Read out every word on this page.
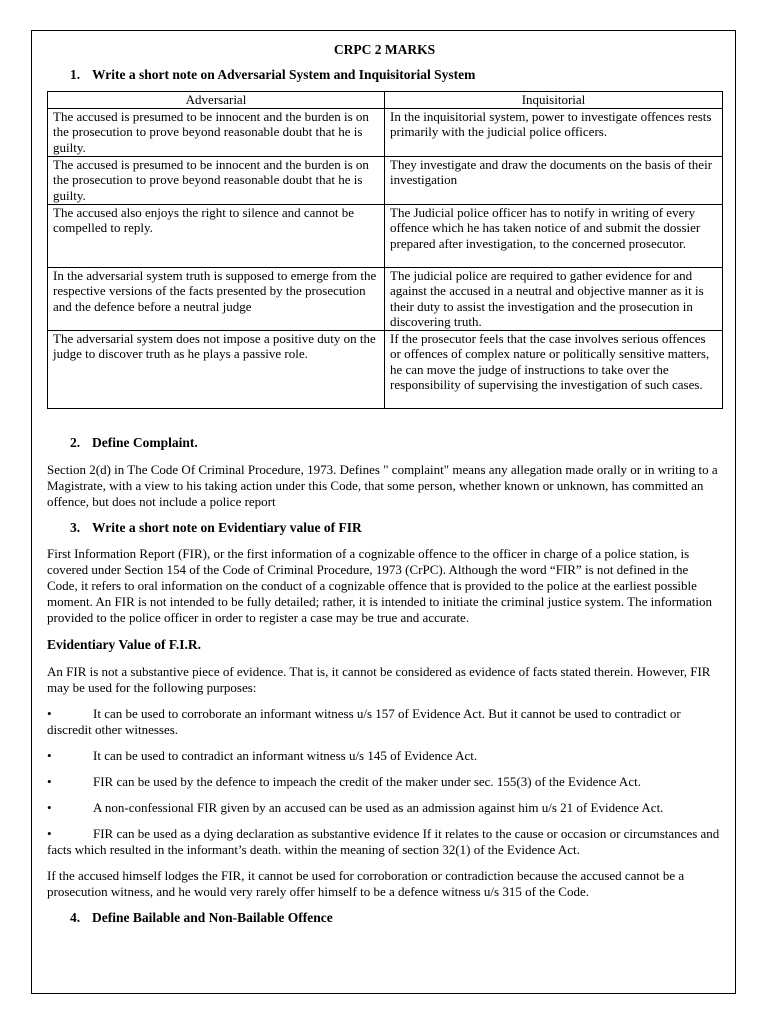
CRPC 2 MARKS

1. Write a short note on Adversarial System and Inquisitorial System

Adversarial	Inquisitorial
The accused is presumed to be innocent and the burden is on the prosecution to prove beyond reasonable doubt that he is guilty.	In the inquisitorial system, power to investigate offences rests primarily with the judicial police officers.
The accused is presumed to be innocent and the burden is on the prosecution to prove beyond reasonable doubt that he is guilty.	They investigate and draw the documents on the basis of their investigation
The accused also enjoys the right to silence and cannot be compelled to reply.	The Judicial police officer has to notify in writing of every offence which he has taken notice of and submit the dossier prepared after investigation, to the concerned prosecutor.
In the adversarial system truth is supposed to emerge from the respective versions of the facts presented by the prosecution and the defence before a neutral judge	The judicial police are required to gather evidence for and against the accused in a neutral and objective manner as it is their duty to assist the investigation and the prosecution in discovering truth.
The adversarial system does not impose a positive duty on the judge to discover truth as he plays a passive role.	If the prosecutor feels that the case involves serious offences or offences of complex nature or politically sensitive matters, he can move the judge of instructions to take over the responsibility of supervising the investigation of such cases.

2. Define Complaint.

Section 2(d) in The Code Of Criminal Procedure, 1973. Defines " complaint" means any allegation made orally or in writing to a Magistrate, with a view to his taking action under this Code, that some person, whether known or unknown, has committed an offence, but does not include a police report

3. Write a short note on Evidentiary value of FIR

First Information Report (FIR), or the first information of a cognizable offence to the officer in charge of a police station, is covered under Section 154 of the Code of Criminal Procedure, 1973 (CrPC). Although the word “FIR” is not defined in the Code, it refers to oral information on the conduct of a cognizable offence that is provided to the police at the earliest possible moment. An FIR is not intended to be fully detailed; rather, it is intended to initiate the criminal justice system. The information provided to the police officer in order to register a case may be true and accurate.

Evidentiary Value of F.I.R.

An FIR is not a substantive piece of evidence. That is, it cannot be considered as evidence of facts stated therein. However, FIR may be used for the following purposes:

•	It can be used to corroborate an informant witness u/s 157 of Evidence Act. But it cannot be used to contradict or discredit other witnesses.

•	It can be used to contradict an informant witness u/s 145 of Evidence Act.

•	FIR can be used by the defence to impeach the credit of the maker under sec. 155(3) of the Evidence Act.

•	A non-confessional FIR given by an accused can be used as an admission against him u/s 21 of Evidence Act.

•	FIR can be used as a dying declaration as substantive evidence If it relates to the cause or occasion or circumstances and facts which resulted in the informant’s death. within the meaning of section 32(1) of the Evidence Act.

If the accused himself lodges the FIR, it cannot be used for corroboration or contradiction because the accused cannot be a prosecution witness, and he would very rarely offer himself to be a defence witness u/s 315 of the Code.

4. Define Bailable and Non-Bailable Offence
